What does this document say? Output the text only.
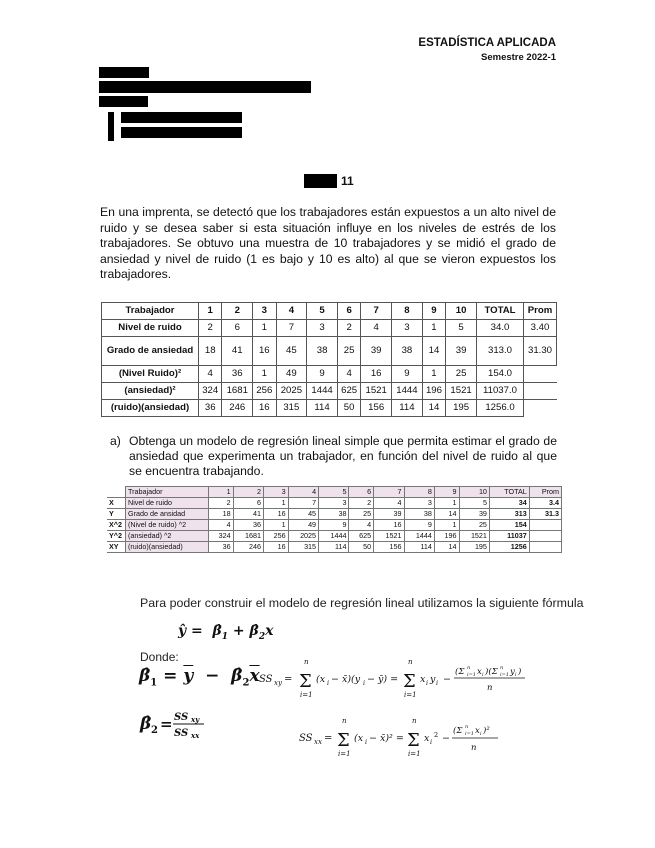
ESTADÍSTICA APLICADA
Semestre 2022-1
11
En una imprenta, se detectó que los trabajadores están expuestos a un alto nivel de ruido y se desea saber si esta situación influye en los niveles de estrés de los trabajadores. Se obtuvo una muestra de 10 trabajadores y se midió el grado de ansiedad y nivel de ruido (1 es bajo y 10 es alto) al que se vieron expuestos los trabajadores.
Trabajador	1	2	3	4	5	6	7	8	9	10	TOTAL	Prom
Nivel de ruido	2	6	1	7	3	2	4	3	1	5	34.0	3.40
Grado de ansiedad	18	41	16	45	38	25	39	38	14	39	313.0	31.30
(Nivel Ruido)²	4	36	1	49	9	4	16	9	1	25	154.0	
(ansiedad)²	324	1681	256	2025	1444	625	1521	1444	196	1521	11037.0	
(ruido)(ansiedad)	36	246	16	315	114	50	156	114	14	195	1256.0	
a) Obtenga un modelo de regresión lineal simple que permita estimar el grado de ansiedad que experimenta un trabajador, en función del nivel de ruido al que se encuentra trabajando.
	Trabajador	1	2	3	4	5	6	7	8	9	10	TOTAL	Prom
X	Nivel de ruido	2	6	1	7	3	2	4	3	1	5	34	3.4
Y	Grado de ansidad	18	41	16	45	38	25	39	38	14	39	313	31.3
X^2	(Nivel de ruido) ^2	4	36	1	49	9	4	16	9	1	25	154	
Y^2	(ansiedad) ^2	324	1681	256	2025	1444	625	1521	1444	196	1521	11037	
XY	(ruido)(ansiedad)	36	246	16	315	114	50	156	114	14	195	1256	
Para poder construir el modelo de regresión lineal utilizamos la siguiente fórmula
ŷ =  $\betâ_1$ + $\betâ_2x$
Donde:
$\betâ_1 = \overline{y}$  −  $\betâ_2\overline{x}$ SS xy = Σ
n
i=1
(x i − x̄)(y i − ȳ) = Σ
n
i=1
x i y i −
(Σ n
i=1 x i )(Σ n
i=1 y i )
n
β̂ 2 = SS xy
SS xx	SS xx = Σ
n
i=1
(x i − x̄)² = Σ
n
i=1
x i
2 −
(Σ n
i=1 x i )²
n
